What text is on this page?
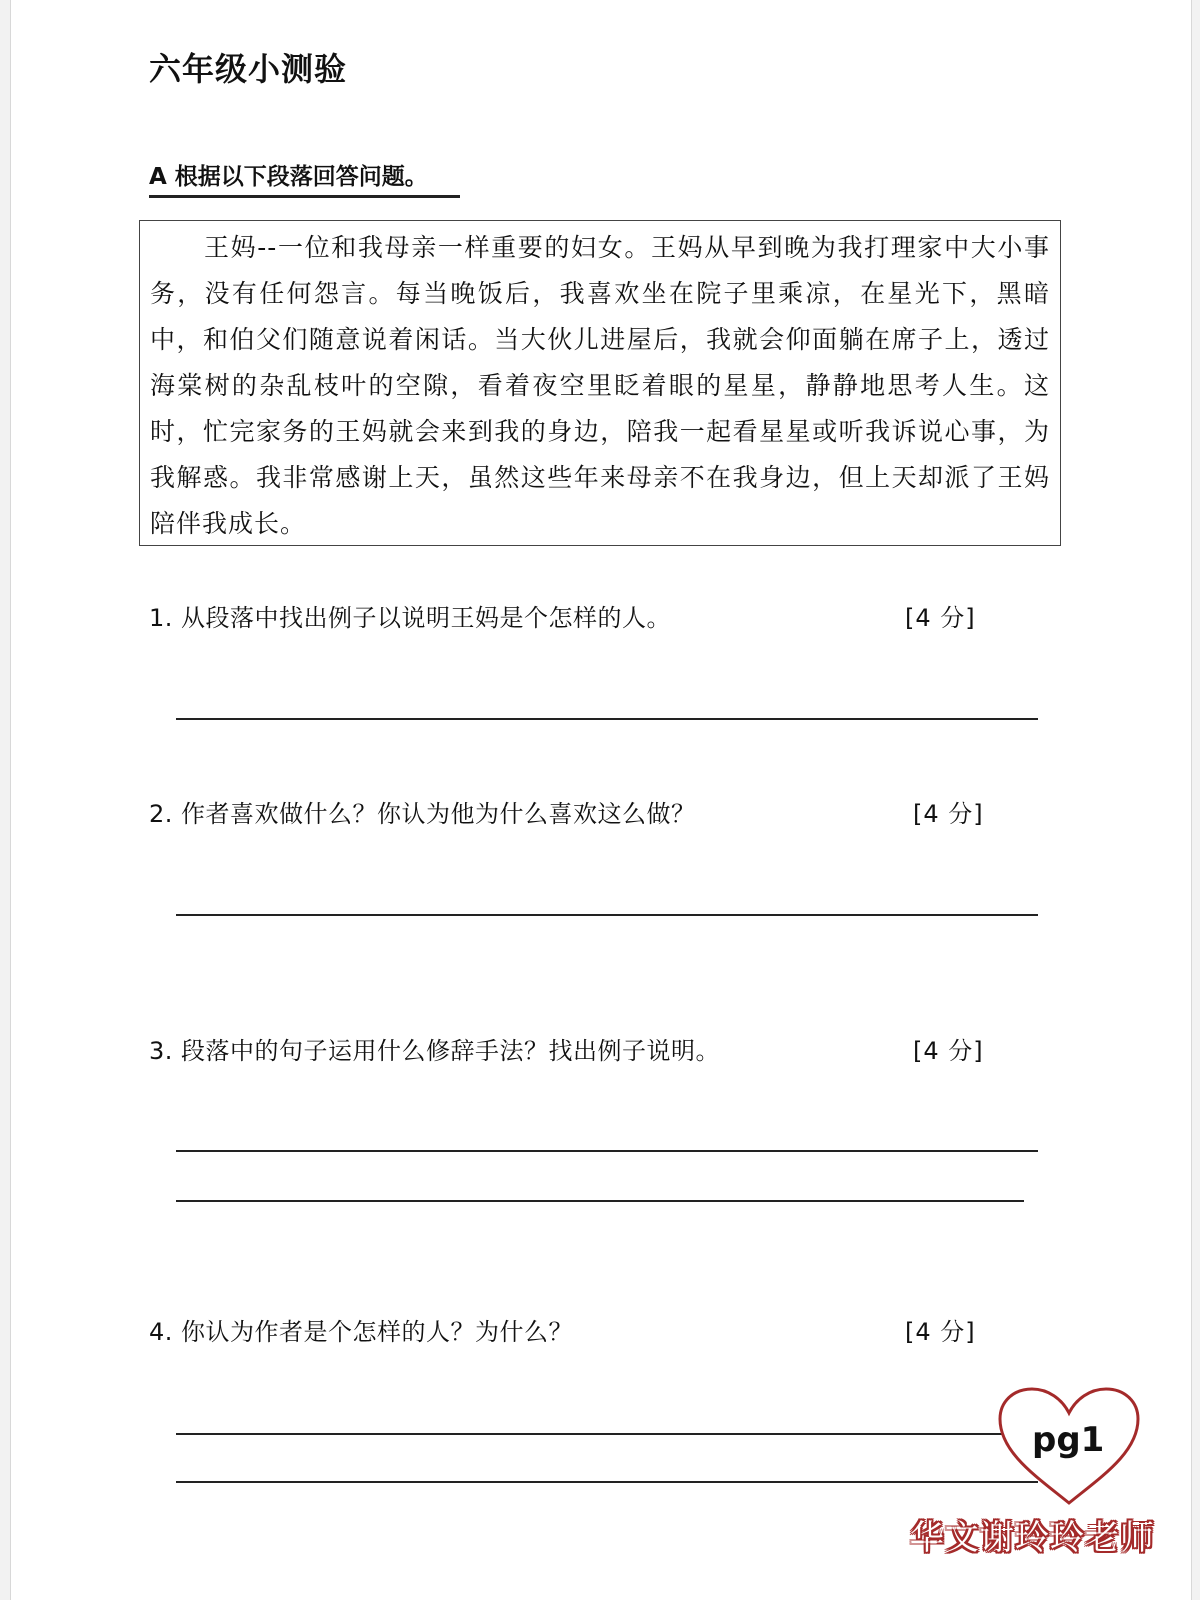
六年级小测验
A 根据以下段落回答问题。
王妈--一位和我母亲一样重要的妇女。王妈从早到晚为我打理家中大小事务，没有任何怨言。每当晚饭后，我喜欢坐在院子里乘凉，在星光下，黑暗中，和伯父们随意说着闲话。当大伙儿进屋后，我就会仰面躺在席子上，透过海棠树的杂乱枝叶的空隙，看着夜空里眨着眼的星星，静静地思考人生。这时，忙完家务的王妈就会来到我的身边，陪我一起看星星或听我诉说心事，为我解惑。我非常感谢上天，虽然这些年来母亲不在我身边，但上天却派了王妈陪伴我成长。
1. 从段落中找出例子以说明王妈是个怎样的人。	[4 分]
2. 作者喜欢做什么？你认为他为什么喜欢这么做？	[4 分]
3. 段落中的句子运用什么修辞手法？找出例子说明。	[4 分]
4. 你认为作者是个怎样的人？为什么？	[4 分]
pg1
华文谢玲玲老师
